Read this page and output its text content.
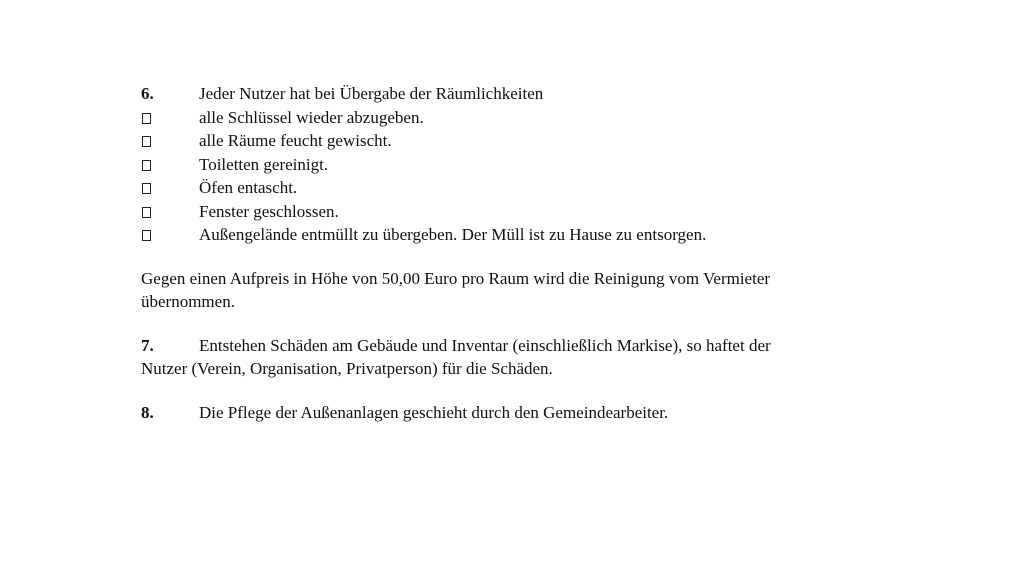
6.	Jeder Nutzer hat bei Übergabe der Räumlichkeiten
alle Schlüssel wieder abzugeben.
alle Räume feucht gewischt.
Toiletten gereinigt.
Öfen entascht.
Fenster geschlossen.
Außengelände entmüllt zu übergeben. Der Müll ist zu Hause zu entsorgen.
Gegen einen Aufpreis in Höhe von 50,00 Euro pro Raum wird die Reinigung vom Vermieter
übernommen.
7.	Entstehen Schäden am Gebäude und Inventar (einschließlich Markise), so haftet der
Nutzer (Verein, Organisation, Privatperson) für die Schäden.
8.	Die Pflege der Außenanlagen geschieht durch den Gemeindearbeiter.
